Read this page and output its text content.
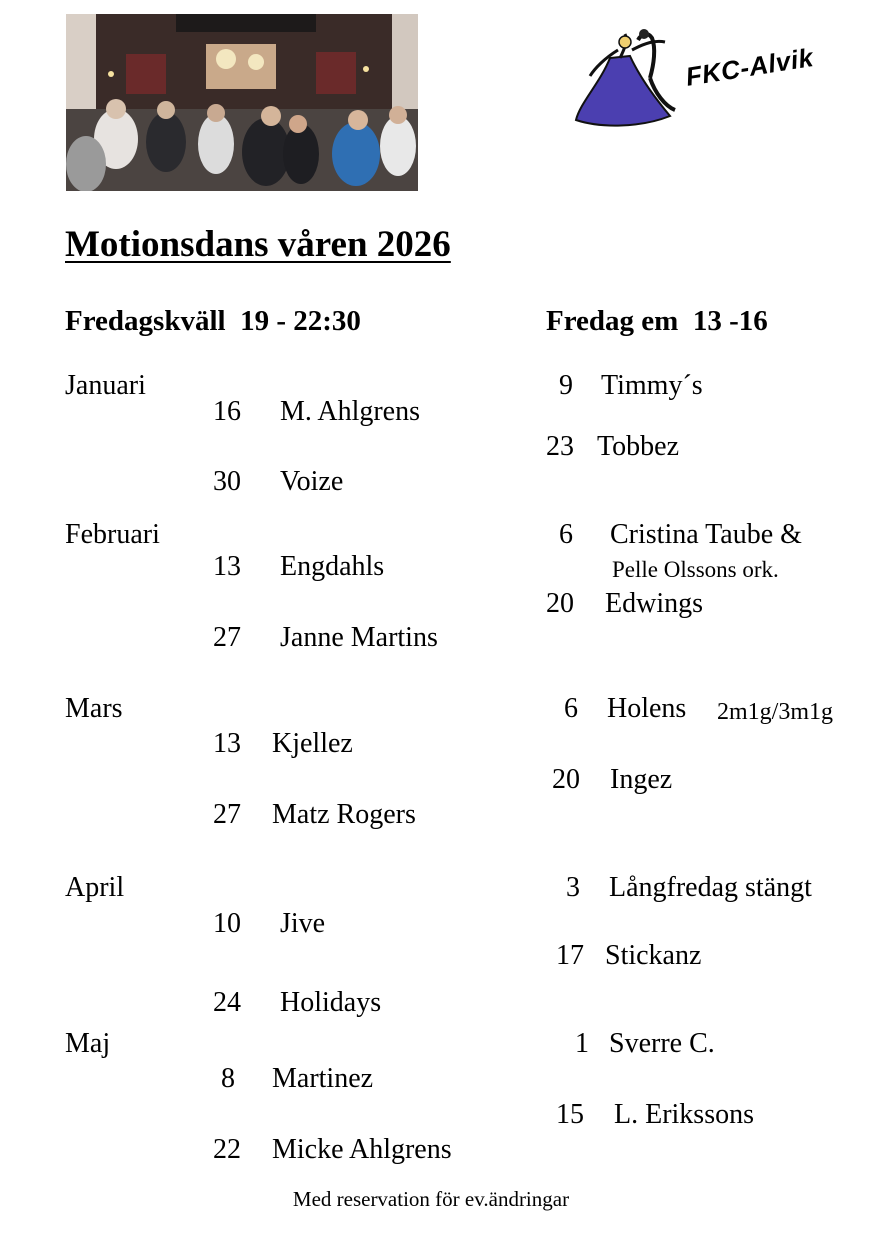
FKC-Alvik
Motionsdans våren 2026
Fredagskväll  19 - 22:30	Fredag em  13 -16
Januari
Februari
Mars
April
Maj
16 M. Ahlgrens
30 Voize
13 Engdahls
27 Janne Martins
13 Kjellez
27 Matz Rogers
10 Jive
24 Holidays
8 Martinez
22 Micke Ahlgrens
9 Timmy´s
23 Tobbez
6 Cristina Taube &
Pelle Olssons ork.
20 Edwings
6 Holens 2m1g/3m1g
20 Ingez
3 Långfredag stängt
17 Stickanz
1 Sverre C.
15 L. Erikssons
Med reservation för ev.ändringar
